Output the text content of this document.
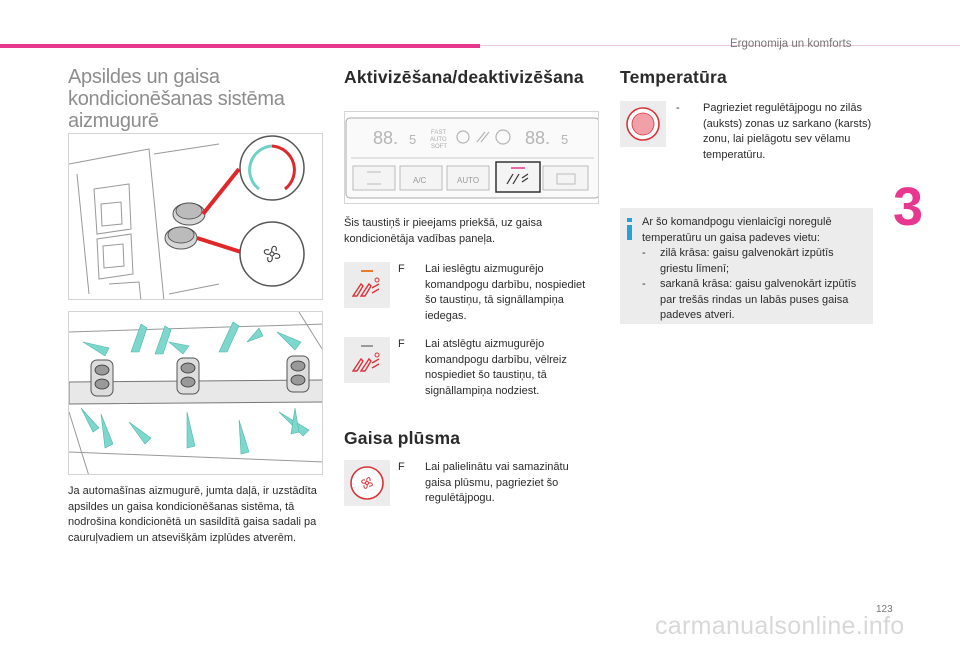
Ergonomija un komforts
3
Apsildes un gaisa kondicionēšanas sistēma aizmugurē
Ja automašīnas aizmugurē, jumta daļā, ir uzstādīta apsildes un gaisa kondicionēšanas sistēma, tā nodrošina kondicionētā un sasildītā gaisa sadali pa cauruļvadiem un atsevišķām izplūdes atverēm.
Aktivizēšana/deaktivizēšana
88. 5 FAST
AUTO
SOFT	88. 5
A/C	AUTO
Šis taustiņš ir pieejams priekšā, uz gaisa kondicionētāja vadības paneļa.
F Lai ieslēgtu aizmugurējo komandpogu darbību, nospiediet šo taustiņu, tā signāllampiņa iedegas.
F Lai atslēgtu aizmugurējo komandpogu darbību, vēlreiz nospiediet šo taustiņu, tā signāllampiņa nodziest.
Gaisa plūsma
F Lai palielinātu vai samazinātu gaisa plūsmu, pagrieziet šo regulētājpogu.
Temperatūra
- Pagrieziet regulētājpogu no zilās (auksts) zonas uz sarkano (karsts) zonu, lai pielāgotu sev vēlamu temperatūru.
Ar šo komandpogu vienlaicīgi noregulē temperatūru un gaisa padeves vietu:
- zilā krāsa: gaisu galvenokārt izpūtīs griestu līmenī;
- sarkanā krāsa: gaisu galvenokārt izpūtīs par trešās rindas un labās puses gaisa padeves atveri.
123
carmanualsonline.info
